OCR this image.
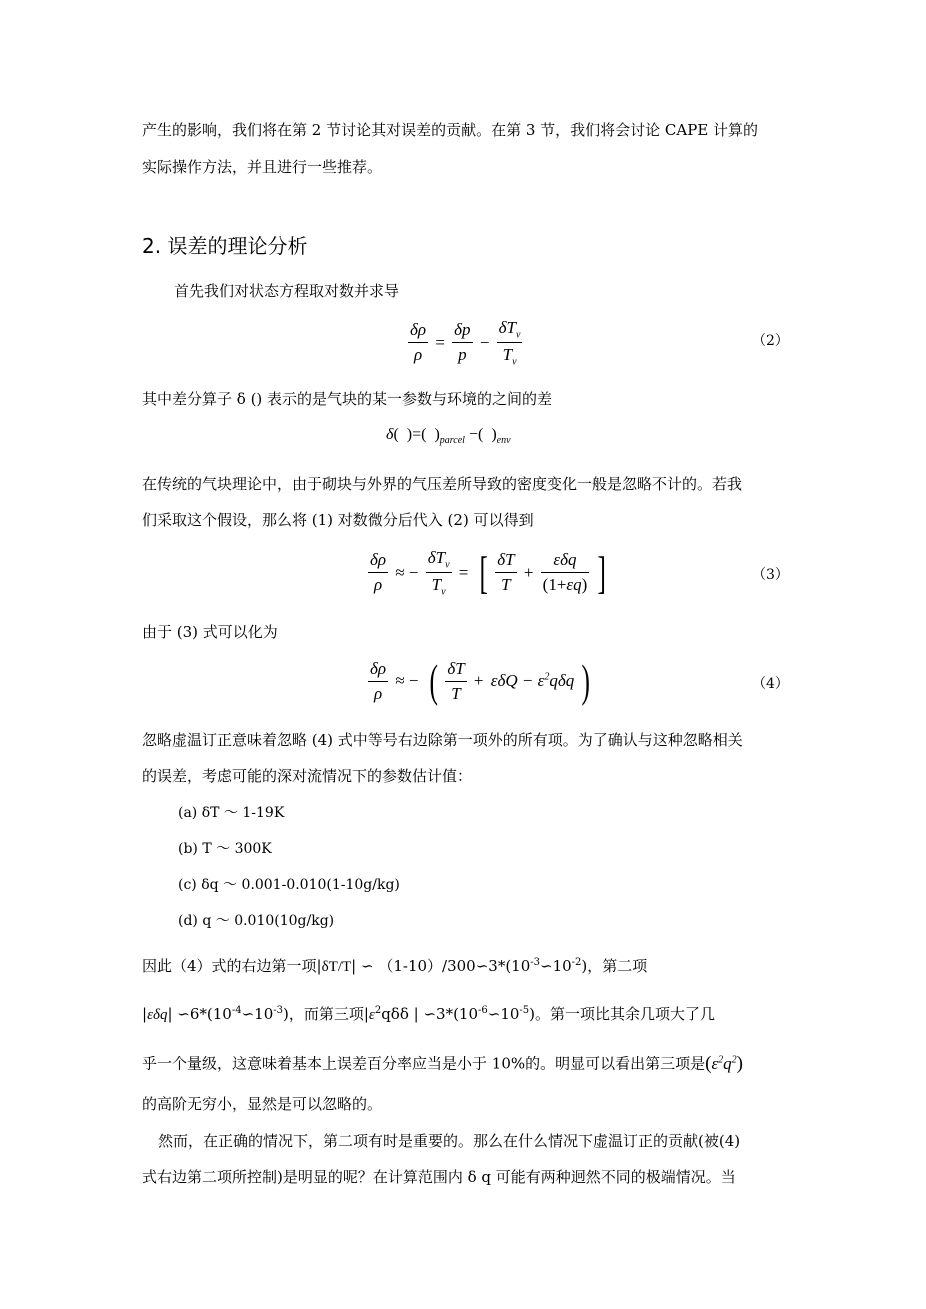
产生的影响，我们将在第 2 节讨论其对误差的贡献。在第 3 节，我们将会讨论 CAPE 计算的
实际操作方法，并且进行一些推荐。
2. 误差的理论分析
首先我们对状态方程取对数并求导
$\frac{\delta\rho}{\rho} = \frac{\delta p}{p} - \frac{\delta T_v}{T_v}$	（2）
其中差分算子 δ () 表示的是气块的某一参数与环境的之间的差
δ(  )=(  )$_{parcel}$ −(  )$_{env}$
在传统的气块理论中，由于砌块与外界的气压差所导致的密度变化一般是忽略不计的。若我
们采取这个假设，那么将 (1) 对数微分后代入 (2) 可以得到
$\frac{\delta\rho}{\rho}$ ≈ − $\frac{\delta T_v}{T_v}$ = [ $\frac{\delta T}{T} + \frac{\text{εδq}}{(1+\varepsilon q)}$ ]	（3）
由于 (3) 式可以化为
$\frac{\delta\rho}{\rho}$ ≈ − ( $\frac{\delta T}{T} + \varepsilon\delta Q - \varepsilon^2q\delta q$ )	（4）
忽略虚温订正意味着忽略 (4) 式中等号右边除第一项外的所有项。为了确认与这种忽略相关
的误差，考虑可能的深对流情况下的参数估计值：
(a) δT ～ 1-19K
(b) T ～ 300K
(c) δq ～ 0.001-0.010(1-10g/kg)
(d) q ～ 0.010(10g/kg)
因此（4）式的右边第一项|δT/T| ∽ $(1-10)/300∽3*(10^{-3}∽10^{-2})$，第二项
|εδq| $∽6*(10^{-4}∽10^{-3})$，而第三项$|\varepsilon^2q\delta\delta$ | $∽3*(10^{-6}∽10^{-5})$。第一项比其余几项大了几
乎一个量级，这意味着基本上误差百分率应当是小于 10%的。明显可以看出第三项是$(\varepsilon^2q^2)$
的高阶无穷小，显然是可以忽略的。
然而，在正确的情况下，第二项有时是重要的。那么在什么情况下虚温订正的贡献(被(4)
式右边第二项所控制)是明显的呢？在计算范围内 δ q 可能有两种迥然不同的极端情况。当
